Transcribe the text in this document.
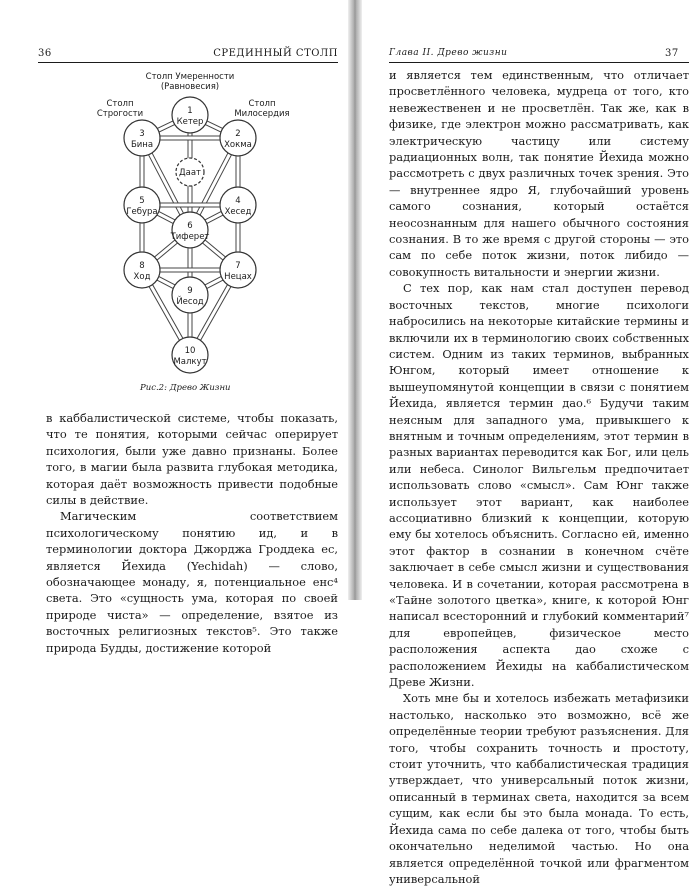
36	СРЕДИННЫЙ СТОЛП
Столп Умеренности
(Равновесия)
Столп
Строгости
Столп
Милосердия
1
Кетер
2
Хокма
3
Бина
Даат
4
Хесед
5
Гебура
6
Тиферет
7
Нецах
8
Ход
9
Йесод
10
Малкут
Рис.2: Древо Жизни

в каббалистической системе, чтобы показать, что те понятия, которыми сейчас оперирует психология, были уже давно признаны. Более того, в магии была развита глубокая методика, которая даёт возможность привести подобные силы в действие.

Магическим соответствием психологическому понятию ид, и в терминологии доктора Джорджа Гроддека ес, является Йехида (Yechidah) — слово, обозначающее монаду, я, потенциальное енс⁴ света. Это «сущность ума, которая по своей природе чиста» — определение, взятое из восточных религиозных текстов⁵. Это также природа Будды, достижение которой

Глава II. Древо жизни	37

и является тем единственным, что отличает просветлённого человека, мудреца от того, кто невежественен и не просветлён. Так же, как в физике, где электрон можно рассматривать, как электрическую частицу или систему радиационных волн, так понятие Йехида можно рассмотреть с двух различных точек зрения. Это — внутреннее ядро Я, глубочайший уровень самого сознания, который остаётся неосознанным для нашего обычного состояния сознания. В то же время с другой стороны — это сам по себе поток жизни, поток либидо — совокупность витальности и энергии жизни.

С тех пор, как нам стал доступен перевод восточных текстов, многие психологи набросились на некоторые китайские термины и включили их в терминологию своих собственных систем. Одним из таких терминов, выбранных Юнгом, который имеет отношение к вышеупомянутой концепции в связи с понятием Йехида, является термин дао.⁶ Будучи таким неясным для западного ума, привыкшего к внятным и точным определениям, этот термин в разных вариантах переводится как Бог, или цель или небеса. Синолог Вильгельм предпочитает использовать слово «смысл». Сам Юнг также использует этот вариант, как наиболее ассоциативно близкий к концепции, которую ему бы хотелось объяснить. Согласно ей, именно этот фактор в сознании в конечном счёте заключает в себе смысл жизни и существования человека. И в сочетании, которая рассмотрена в «Тайне золотого цветка», книге, к которой Юнг написал всесторонний и глубокий комментарий⁷ для европейцев, физическое место расположения аспекта дао схоже с расположением Йехиды на каббалистическом Древе Жизни.

Хоть мне бы и хотелось избежать метафизики настолько, насколько это возможно, всё же определённые теории требуют разъяснения. Для того, чтобы сохранить точность и простоту, стоит уточнить, что каббалистическая традиция утверждает, что универсальный поток жизни, описанный в терминах света, находится за всем сущим, как если бы это была монада. То есть, Йехида сама по себе далека от того, чтобы быть окончательно неделимой частью. Но она является определённой точкой или фрагментом универсальной
